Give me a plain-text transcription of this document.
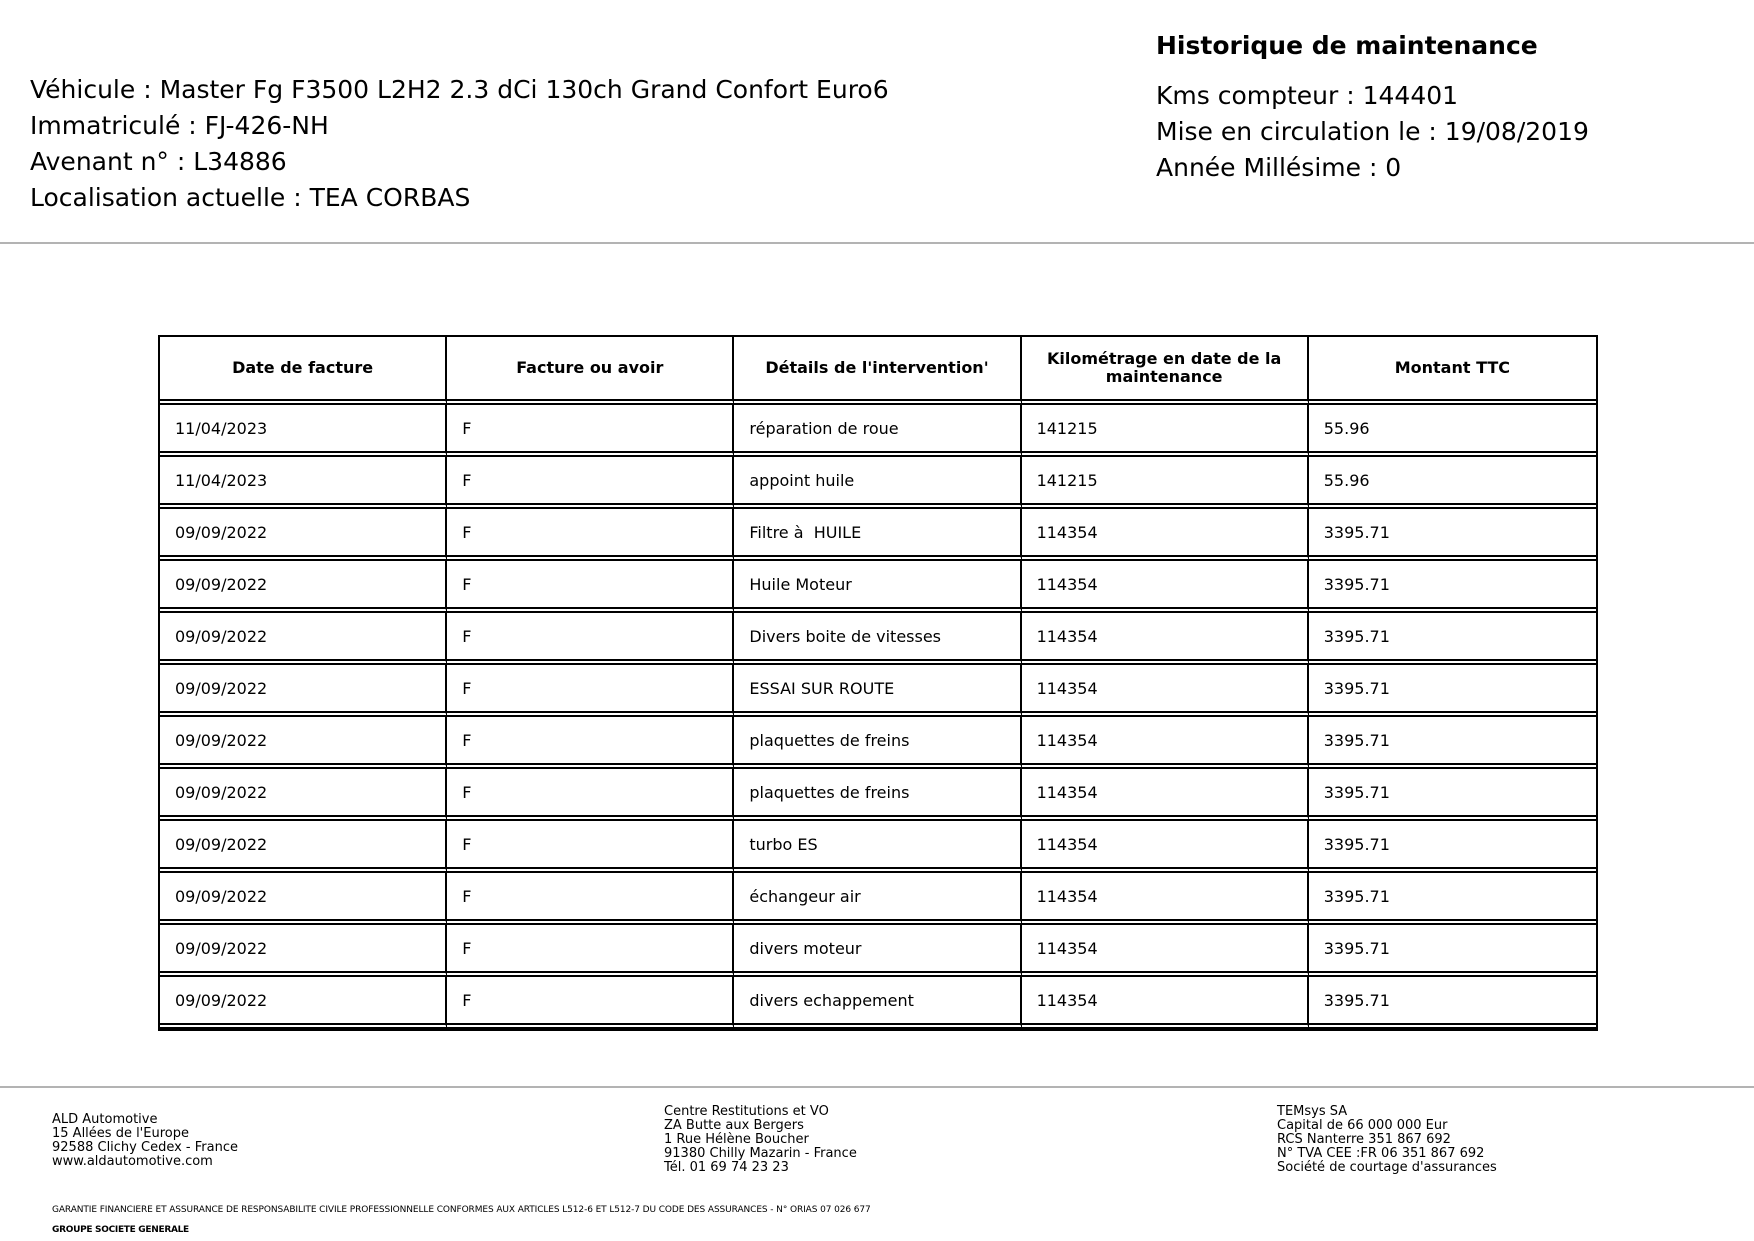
Véhicule : Master Fg F3500 L2H2 2.3 dCi 130ch Grand Confort Euro6
Immatriculé : FJ-426-NH
Avenant n° : L34886
Localisation actuelle : TEA CORBAS
Historique de maintenance
Kms compteur : 144401
Mise en circulation le : 19/08/2019
Année Millésime : 0
Date de facture	Facture ou avoir	Détails de l'intervention'	Kilométrage en date de la maintenance	Montant TTC
11/04/2023	F	réparation de roue	141215	55.96
11/04/2023	F	appoint huile	141215	55.96
09/09/2022	F	Filtre à  HUILE	114354	3395.71
09/09/2022	F	Huile Moteur	114354	3395.71
09/09/2022	F	Divers boite de vitesses	114354	3395.71
09/09/2022	F	ESSAI SUR ROUTE	114354	3395.71
09/09/2022	F	plaquettes de freins	114354	3395.71
09/09/2022	F	plaquettes de freins	114354	3395.71
09/09/2022	F	turbo ES	114354	3395.71
09/09/2022	F	échangeur air	114354	3395.71
09/09/2022	F	divers moteur	114354	3395.71
09/09/2022	F	divers echappement	114354	3395.71
ALD Automotive
15 Allées de l'Europe
92588 Clichy Cedex - France
www.aldautomotive.com
Centre Restitutions et VO
ZA Butte aux Bergers
1 Rue Hélène Boucher
91380 Chilly Mazarin - France
Tél. 01 69 74 23 23
TEMsys SA
Capital de 66 000 000 Eur
RCS Nanterre 351 867 692
N° TVA CEE :FR 06 351 867 692
Société de courtage d'assurances
GARANTIE FINANCIERE ET ASSURANCE DE RESPONSABILITE CIVILE PROFESSIONNELLE CONFORMES AUX ARTICLES L512-6 ET L512-7 DU CODE DES ASSURANCES - N° ORIAS 07 026 677
GROUPE SOCIETE GENERALE
